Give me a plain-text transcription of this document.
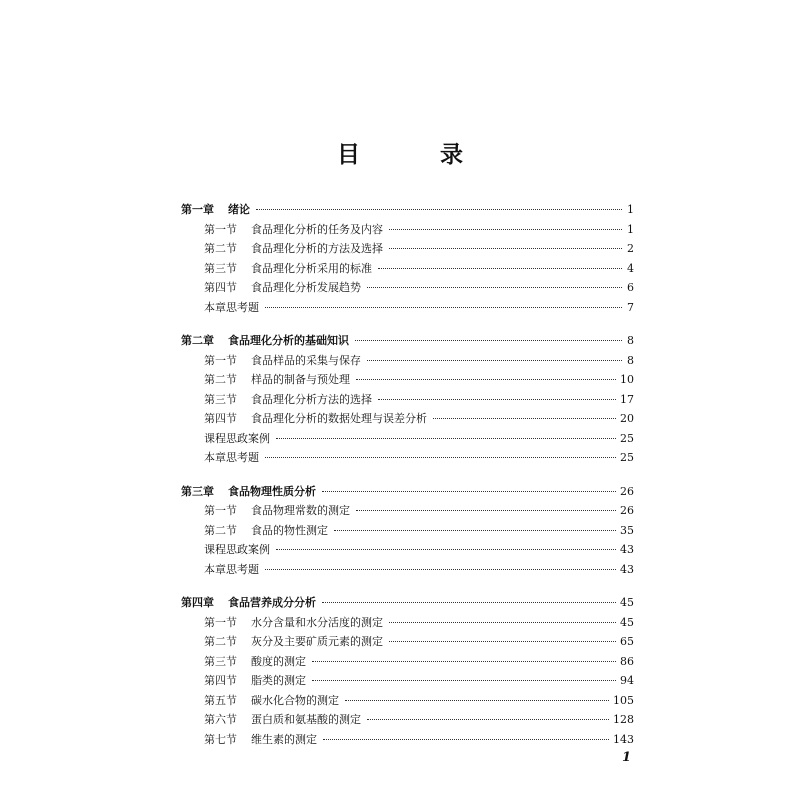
目 录
第一章 绪论	1
第一节 食品理化分析的任务及内容	1
第二节 食品理化分析的方法及选择	2
第三节 食品理化分析采用的标准	4
第四节 食品理化分析发展趋势	6
本章思考题	7
第二章 食品理化分析的基础知识	8
第一节 食品样品的采集与保存	8
第二节 样品的制备与预处理	10
第三节 食品理化分析方法的选择	17
第四节 食品理化分析的数据处理与误差分析	20
课程思政案例	25
本章思考题	25
第三章 食品物理性质分析	26
第一节 食品物理常数的测定	26
第二节 食品的物性测定	35
课程思政案例	43
本章思考题	43
第四章 食品营养成分分析	45
第一节 水分含量和水分活度的测定	45
第二节 灰分及主要矿质元素的测定	65
第三节 酸度的测定	86
第四节 脂类的测定	94
第五节 碳水化合物的测定	105
第六节 蛋白质和氨基酸的测定	128
第七节 维生素的测定	143
1
